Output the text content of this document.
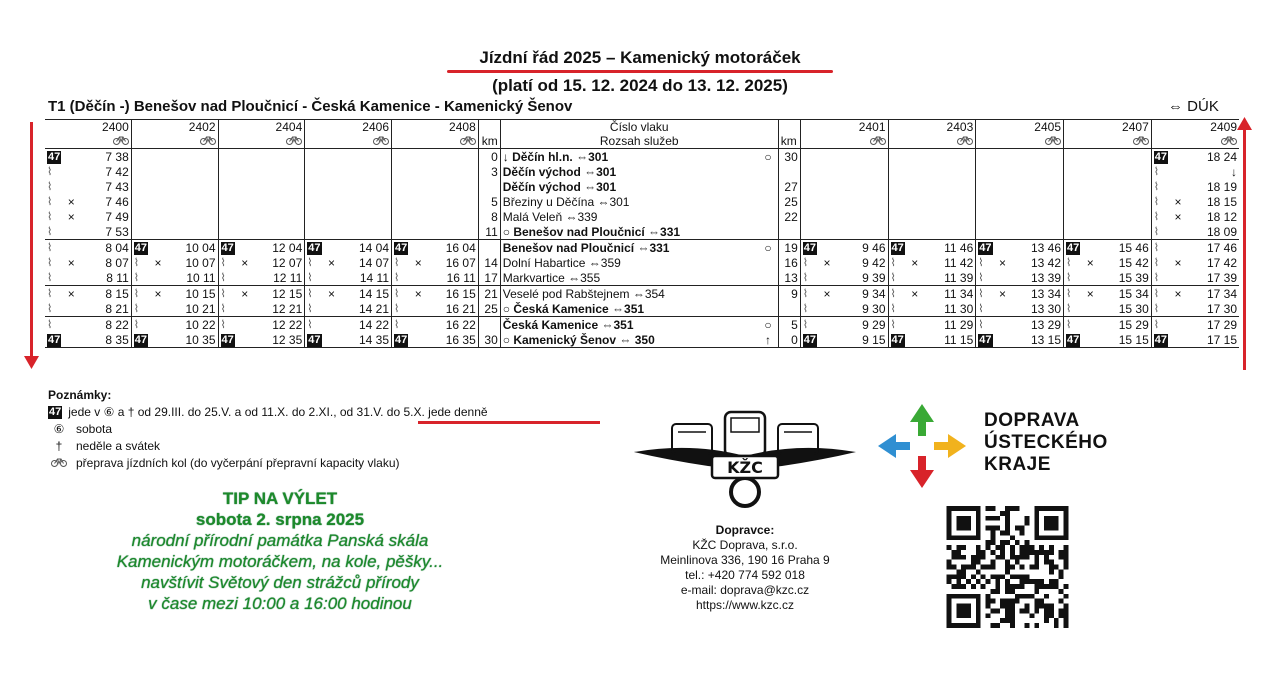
Jízdní řád 2025 – Kamenický motoráček
(platí od 15. 12. 2024 do 13. 12. 2025)
T1 (Děčín -) Benešov nad Ploučnicí - Česká Kamenice - Kamenický Šenov	⇔ DÚK
2400			2402			2404			2406			2408				Číslo vlaku			2401			2403			2405			2407			2409		
					km	Rozsah služeb		km					
47		7 38													0	↓ Děčín hl.n. ⇔301	○	30													47		18 24
⌇		7 42													3	Děčín východ ⇔301															⌇		↓
⌇		7 43														Děčín východ ⇔301		27													⌇		18 19
⌇	×	7 46													5	Březiny u Děčína ⇔301		25													⌇	×	18 15
⌇	×	7 49													8	Malá Veleň ⇔339		22													⌇	×	18 12
⌇		7 53													11	○ Benešov nad Ploučnicí ⇔331															⌇		18 09
⌇		8 04	47		10 04	47		12 04	47		14 04	47		16 04		Benešov nad Ploučnicí ⇔331	○	19	47		9 46	47		11 46	47		13 46	47		15 46	⌇		17 46
⌇	×	8 07	⌇	×	10 07	⌇	×	12 07	⌇	×	14 07	⌇	×	16 07	14	Dolní Habartice ⇔359		16	⌇	×	9 42	⌇	×	11 42	⌇	×	13 42	⌇	×	15 42	⌇	×	17 42
⌇		8 11	⌇		10 11	⌇		12 11	⌇		14 11	⌇		16 11	17	Markvartice ⇔355		13	⌇		9 39	⌇		11 39	⌇		13 39	⌇		15 39	⌇		17 39
⌇	×	8 15	⌇	×	10 15	⌇	×	12 15	⌇	×	14 15	⌇	×	16 15	21	Veselé pod Rabštejnem ⇔354		9	⌇	×	9 34	⌇	×	11 34	⌇	×	13 34	⌇	×	15 34	⌇	×	17 34
⌇		8 21	⌇		10 21	⌇		12 21	⌇		14 21	⌇		16 21	25	○ Česká Kamenice ⇔351			⌇		9 30	⌇		11 30	⌇		13 30	⌇		15 30	⌇		17 30
⌇		8 22	⌇		10 22	⌇		12 22	⌇		14 22	⌇		16 22		Česká Kamenice ⇔351	○	5	⌇		9 29	⌇		11 29	⌇		13 29	⌇		15 29	⌇		17 29
47		8 35	47		10 35	47		12 35	47		14 35	47		16 35	30	○ Kamenický Šenov ⇔ 350	↑	0	47		9 15	47		11 15	47		13 15	47		15 15	47		17 15
Poznámky:
47 jede v ⑥ a † od 29.III. do 25.V. a od 11.X. do 2.XI., od 31.V. do 5.X. jede denně
⑥ sobota
†	neděle a svátek
přeprava jízdních kol (do vyčerpání přepravní kapacity vlaku)
TIP NA VÝLET
sobota 2. srpna 2025
národní přírodní památka Panská skála
Kamenickým motoráčkem, na kole, pěšky...
navštívit Světový den strážců přírody
v čase mezi 10:00 a 16:00 hodinou
KŽC
Dopravce:
KŽC Doprava, s.r.o.
Meinlinova 336, 190 16 Praha 9
tel.: +420 774 592 018
e-mail: doprava@kzc.cz
https://www.kzc.cz
DOPRAVA
ÚSTECKÉHO
KRAJE
